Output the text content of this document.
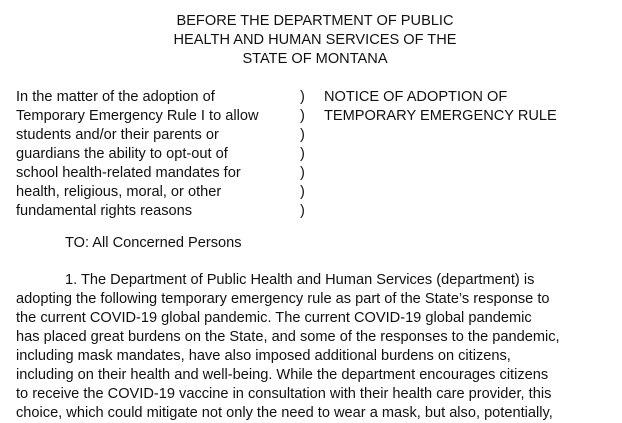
BEFORE THE DEPARTMENT OF PUBLIC
HEALTH AND HUMAN SERVICES OF THE
STATE OF MONTANA
In the matter of the adoption of
Temporary Emergency Rule I to allow
students and/or their parents or
guardians the ability to opt-out of
school health-related mandates for
health, religious, moral, or other
fundamental rights reasons
)
)
)
)
)
)
)
NOTICE OF ADOPTION OF
TEMPORARY EMERGENCY RULE
TO: All Concerned Persons
1. The Department of Public Health and Human Services (department) is
adopting the following temporary emergency rule as part of the State’s response to
the current COVID-19 global pandemic. The current COVID-19 global pandemic
has placed great burdens on the State, and some of the responses to the pandemic,
including mask mandates, have also imposed additional burdens on citizens,
including on their health and well-being. While the department encourages citizens
to receive the COVID-19 vaccine in consultation with their health care provider, this
choice, which could mitigate not only the need to wear a mask, but also, potentially,
